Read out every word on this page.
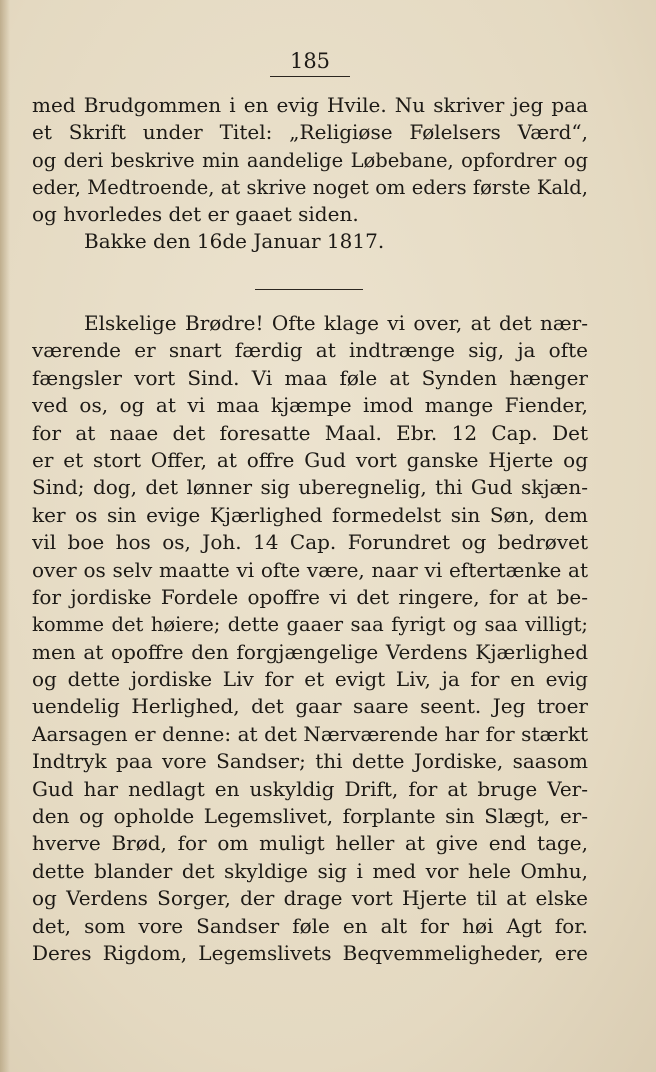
185
med Brudgommen i en evig Hvile. Nu skriver jeg paa
et Skrift under Titel: „Religiøse Følelsers Værd“,
og deri beskrive min aandelige Løbebane, opfordrer og
eder, Medtroende, at skrive noget om eders første Kald,
og hvorledes det er gaaet siden.
Bakke den 16de Januar 1817.
Elskelige Brødre! Ofte klage vi over, at det nær-
værende er snart færdig at indtrænge sig, ja ofte
fængsler vort Sind. Vi maa føle at Synden hænger
ved os, og at vi maa kjæmpe imod mange Fiender,
for at naae det foresatte Maal. Ebr. 12 Cap. Det
er et stort Offer, at offre Gud vort ganske Hjerte og
Sind; dog, det lønner sig uberegnelig, thi Gud skjæn-
ker os sin evige Kjærlighed formedelst sin Søn, dem
vil boe hos os, Joh. 14 Cap. Forundret og bedrøvet
over os selv maatte vi ofte være, naar vi eftertænke at
for jordiske Fordele opoffre vi det ringere, for at be-
komme det høiere; dette gaaer saa fyrigt og saa villigt;
men at opoffre den forgjængelige Verdens Kjærlighed
og dette jordiske Liv for et evigt Liv, ja for en evig
uendelig Herlighed, det gaar saare seent. Jeg troer
Aarsagen er denne: at det Nærværende har for stærkt
Indtryk paa vore Sandser; thi dette Jordiske, saasom
Gud har nedlagt en uskyldig Drift, for at bruge Ver-
den og opholde Legemslivet, forplante sin Slægt, er-
hverve Brød, for om muligt heller at give end tage,
dette blander det skyldige sig i med vor hele Omhu,
og Verdens Sorger, der drage vort Hjerte til at elske
det, som vore Sandser føle en alt for høi Agt for.
Deres Rigdom, Legemslivets Beqvemmeligheder, ere
